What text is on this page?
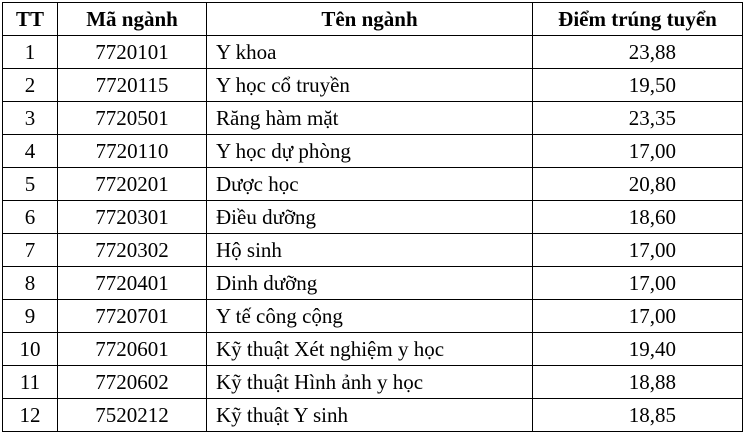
TT	Mã ngành	Tên ngành	Điểm trúng tuyển
1	7720101	Y khoa	23,88
2	7720115	Y học cổ truyền	19,50
3	7720501	Răng hàm mặt	23,35
4	7720110	Y học dự phòng	17,00
5	7720201	Dược học	20,80
6	7720301	Điều dưỡng	18,60
7	7720302	Hộ sinh	17,00
8	7720401	Dinh dưỡng	17,00
9	7720701	Y tế công cộng	17,00
10	7720601	Kỹ thuật Xét nghiệm y học	19,40
11	7720602	Kỹ thuật Hình ảnh y học	18,88
12	7520212	Kỹ thuật Y sinh	18,85
